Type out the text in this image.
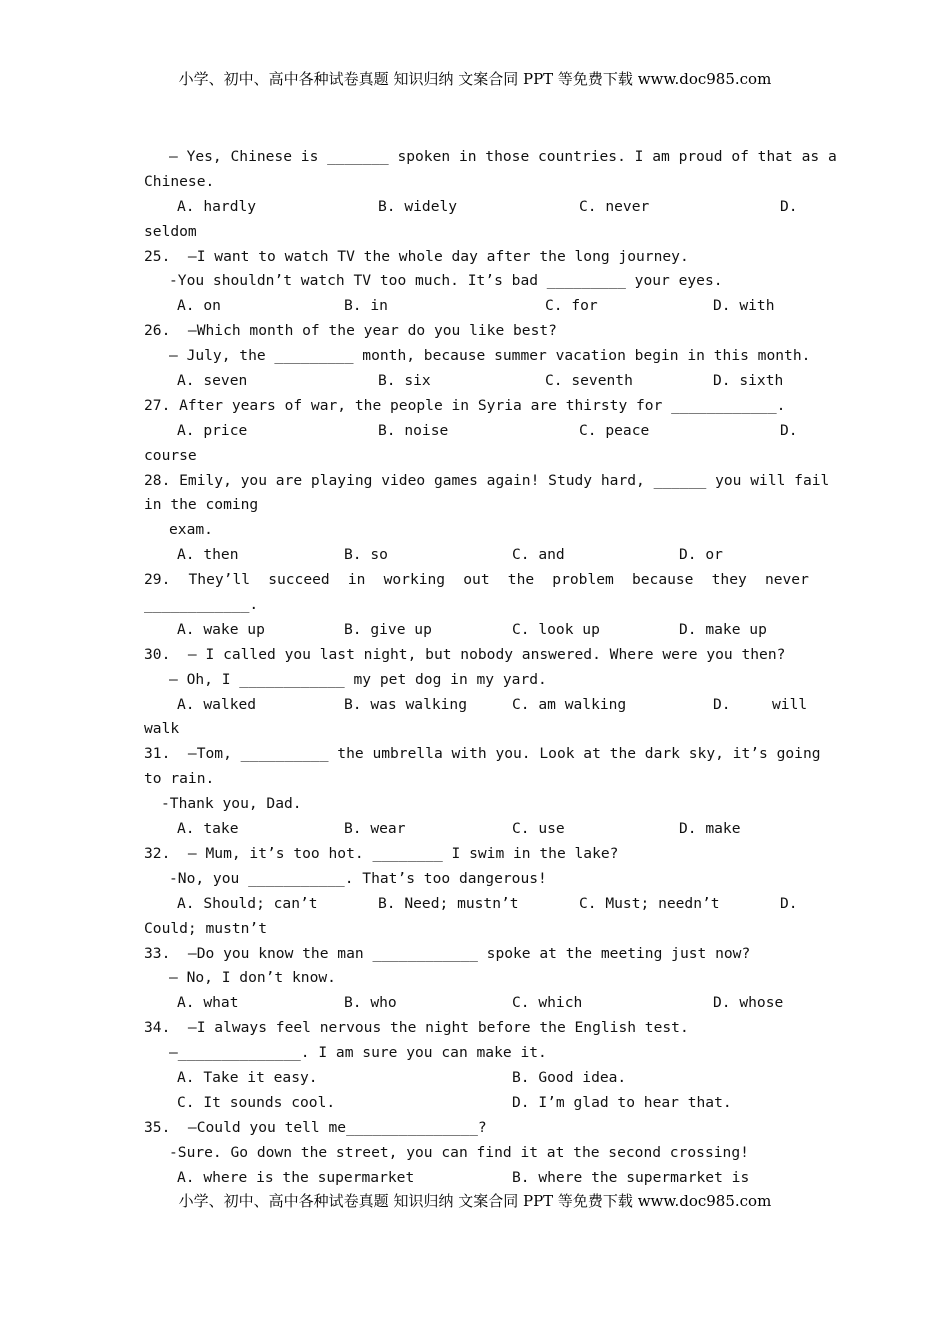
小学、初中、高中各种试卷真题 知识归纳 文案合同 PPT 等免费下载 www.doc985.com
– Yes, Chinese is _______ spoken in those countries. I am proud of that as a
Chinese.

A. hardly

	B. widely

	C. never

	D.

seldom
25.  –I want to watch TV the whole day after the long journey.
-You shouldn’t watch TV too much. It’s bad _________ your eyes.

A. on

	B. in

	C. for

	D. with

26.  –Which month of the year do you like best?
– July, the _________ month, because summer vacation begin in this month.

A. seven

	B. six

	C. seventh

	D. sixth

27. After years of war, the people in Syria are thirsty for ____________.

A. price

	B. noise

	C. peace

	D.

course
28. Emily, you are playing video games again! Study hard, ______ you will fail
in the coming
exam.

A. then

	B. so

	C. and

	D. or

29. They’ll succeed in working out the problem because they never
____________.

A. wake up

	B. give up

	C. look up

	D. make up

30.  – I called you last night, but nobody answered. Where were you then?
– Oh, I ____________ my pet dog in my yard.

A. walked

	B. was walking

	C. am walking

	D.

	will

walk
31.  –Tom, __________ the umbrella with you. Look at the dark sky, it’s going
to rain.
-Thank you, Dad.

A. take

	B. wear

	C. use

	D. make

32.  – Mum, it’s too hot. ________ I swim in the lake?
-No, you ___________. That’s too dangerous!

A. Should; can’t

	B. Need; mustn’t

	C. Must; needn’t

	D.

Could; mustn’t
33.  –Do you know the man ____________ spoke at the meeting just now?
– No, I don’t know.

A. what

	B. who

	C. which

	D. whose

34.  –I always feel nervous the night before the English test.
–______________. I am sure you can make it.

A. Take it easy.

	B. Good idea.

C. It sounds cool.

	D. I’m glad to hear that.

35.  –Could you tell me_______________?
-Sure. Go down the street, you can find it at the second crossing!

A. where is the supermarket

	B. where the supermarket is

小学、初中、高中各种试卷真题 知识归纳 文案合同 PPT 等免费下载 www.doc985.com
